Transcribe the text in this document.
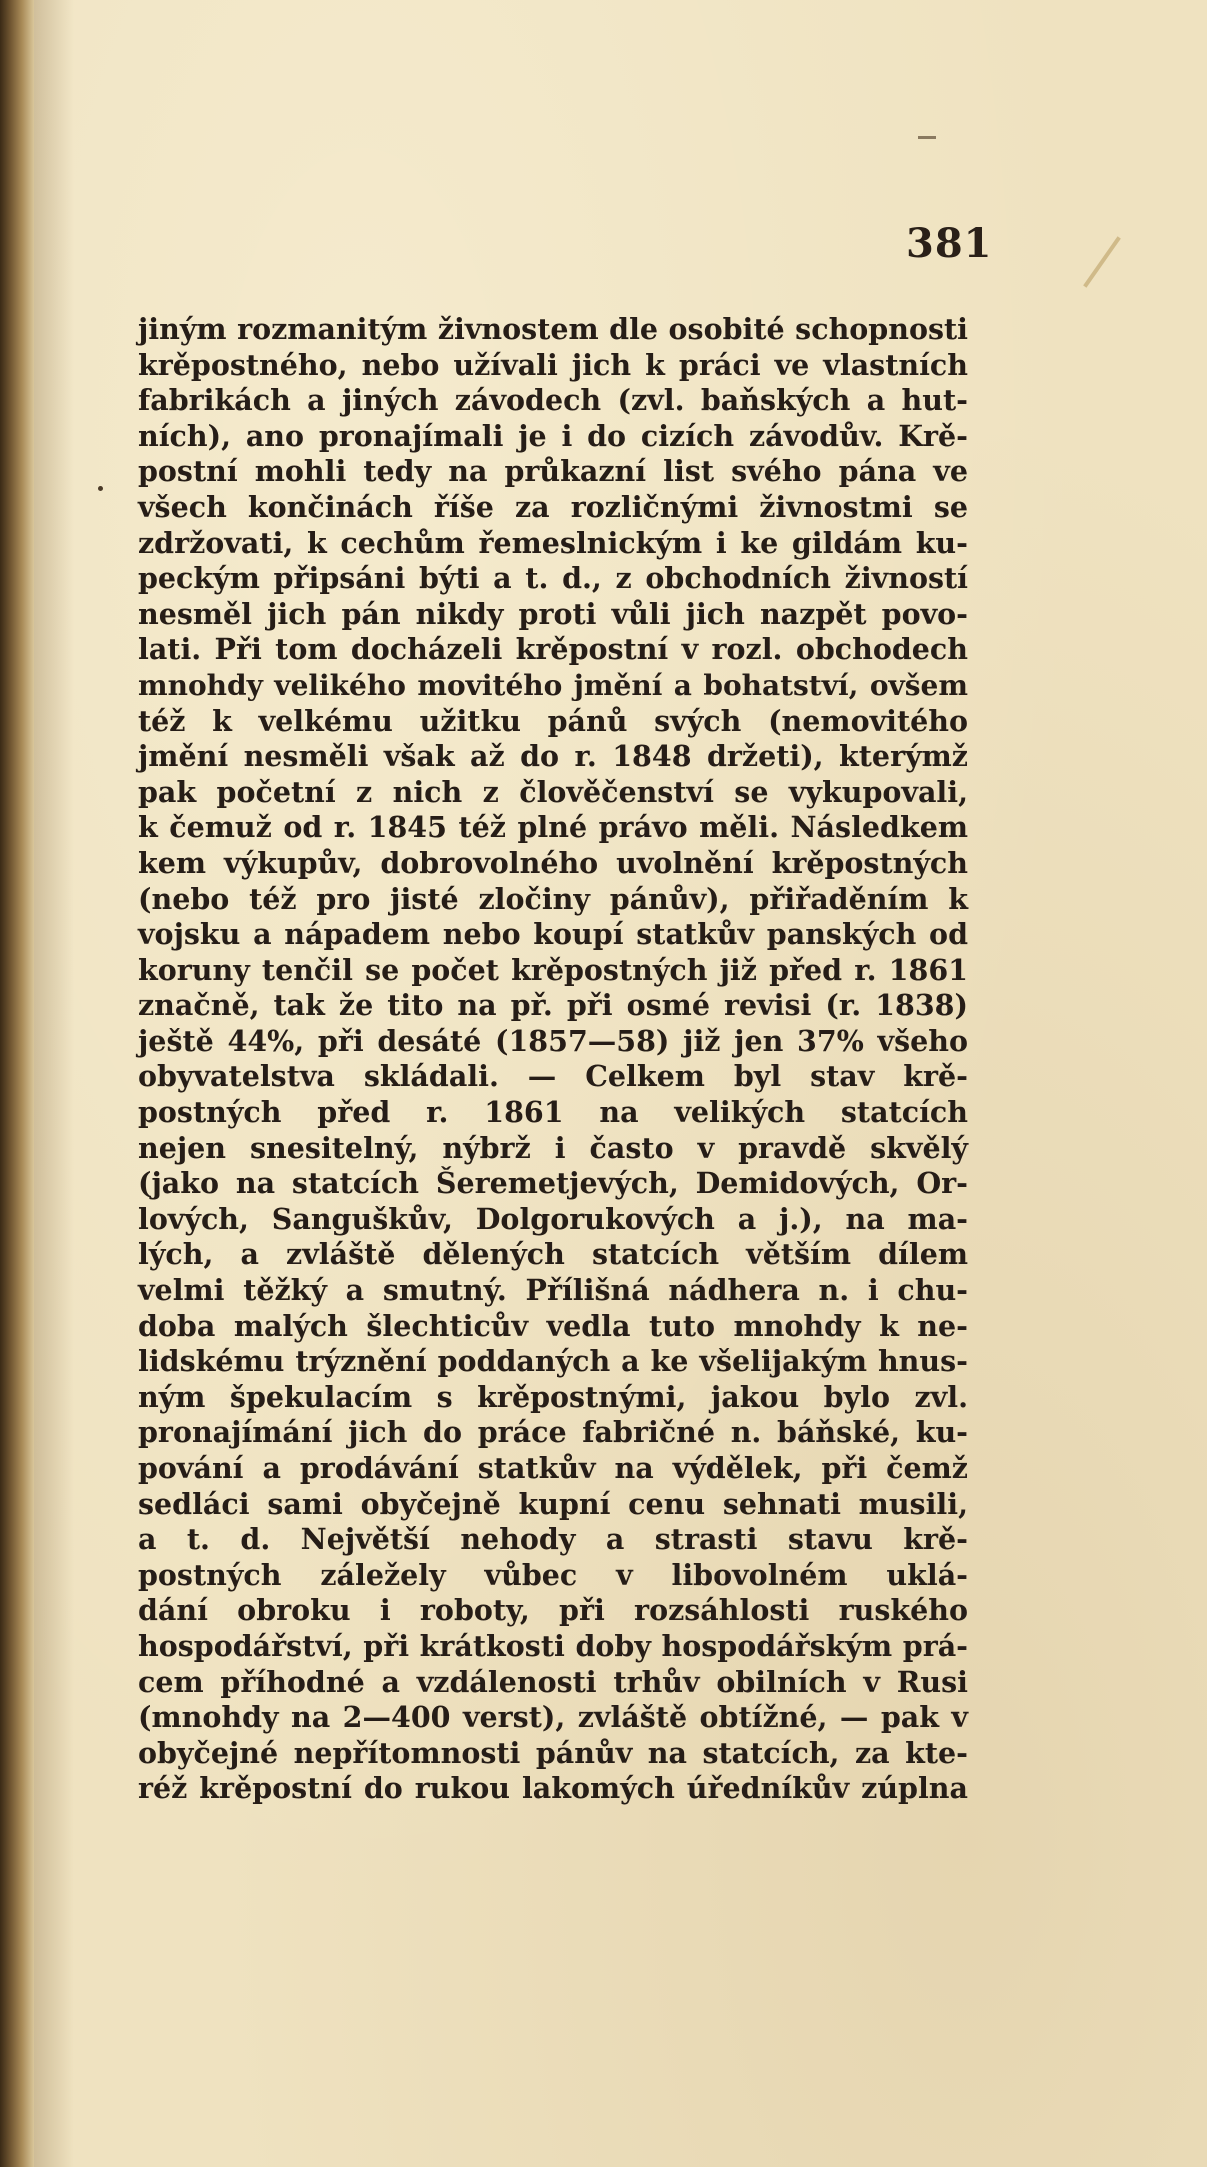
381
jiným rozmanitým živnostem dle osobité schopnosti
krěpostného, nebo užívali jich k práci ve vlastních
fabrikách a jiných závodech (zvl. baňských a hut-
ních), ano pronajímali je i do cizích závodův. Krě-
postní mohli tedy na průkazní list svého pána ve
všech končinách říše za rozličnými živnostmi se
zdržovati, k cechům řemeslnickým i ke gildám ku-
peckým připsáni býti a t. d., z obchodních živností
nesměl jich pán nikdy proti vůli jich nazpět povo-
lati. Při tom docházeli krěpostní v rozl. obchodech
mnohdy velikého movitého jmění a bohatství, ovšem
též k velkému užitku pánů svých (nemovitého
jmění nesměli však až do r. 1848 držeti), kterýmž
pak početní z nich z člověčenství se vykupovali,
k čemuž od r. 1845 též plné právo měli. Následkem
kem výkupův, dobrovolného uvolnění krěpostných
(nebo též pro jisté zločiny pánův), přiřaděním k
vojsku a nápadem nebo koupí statkův panských od
koruny tenčil se počet krěpostných již před r. 1861
značně, tak že tito na př. při osmé revisi (r. 1838)
ještě 44%, při desáté (1857—58) již jen 37% všeho
obyvatelstva skládali. — Celkem byl stav krě-
postných před r. 1861 na velikých statcích
nejen snesitelný, nýbrž i často v pravdě skvělý
(jako na statcích Šeremetjevých, Demidových, Or-
lových, Sanguškův, Dolgorukových a j.), na ma-
lých, a zvláště dělených statcích větším dílem
velmi těžký a smutný. Přílišná nádhera n. i chu-
doba malých šlechticův vedla tuto mnohdy k ne-
lidskému trýznění poddaných a ke všelijakým hnus-
ným špekulacím s krěpostnými, jakou bylo zvl.
pronajímání jich do práce fabričné n. báňské, ku-
pování a prodávání statkův na výdělek, při čemž
sedláci sami obyčejně kupní cenu sehnati musili,
a t. d. Největší nehody a strasti stavu krě-
postných záležely vůbec v libovolném uklá-
dání obroku i roboty, při rozsáhlosti ruského
hospodářství, při krátkosti doby hospodářským prá-
cem příhodné a vzdálenosti trhův obilních v Rusi
(mnohdy na 2—400 verst), zvláště obtížné, — pak v
obyčejné nepřítomnosti pánův na statcích, za kte-
réž krěpostní do rukou lakomých úředníkův zúplna
